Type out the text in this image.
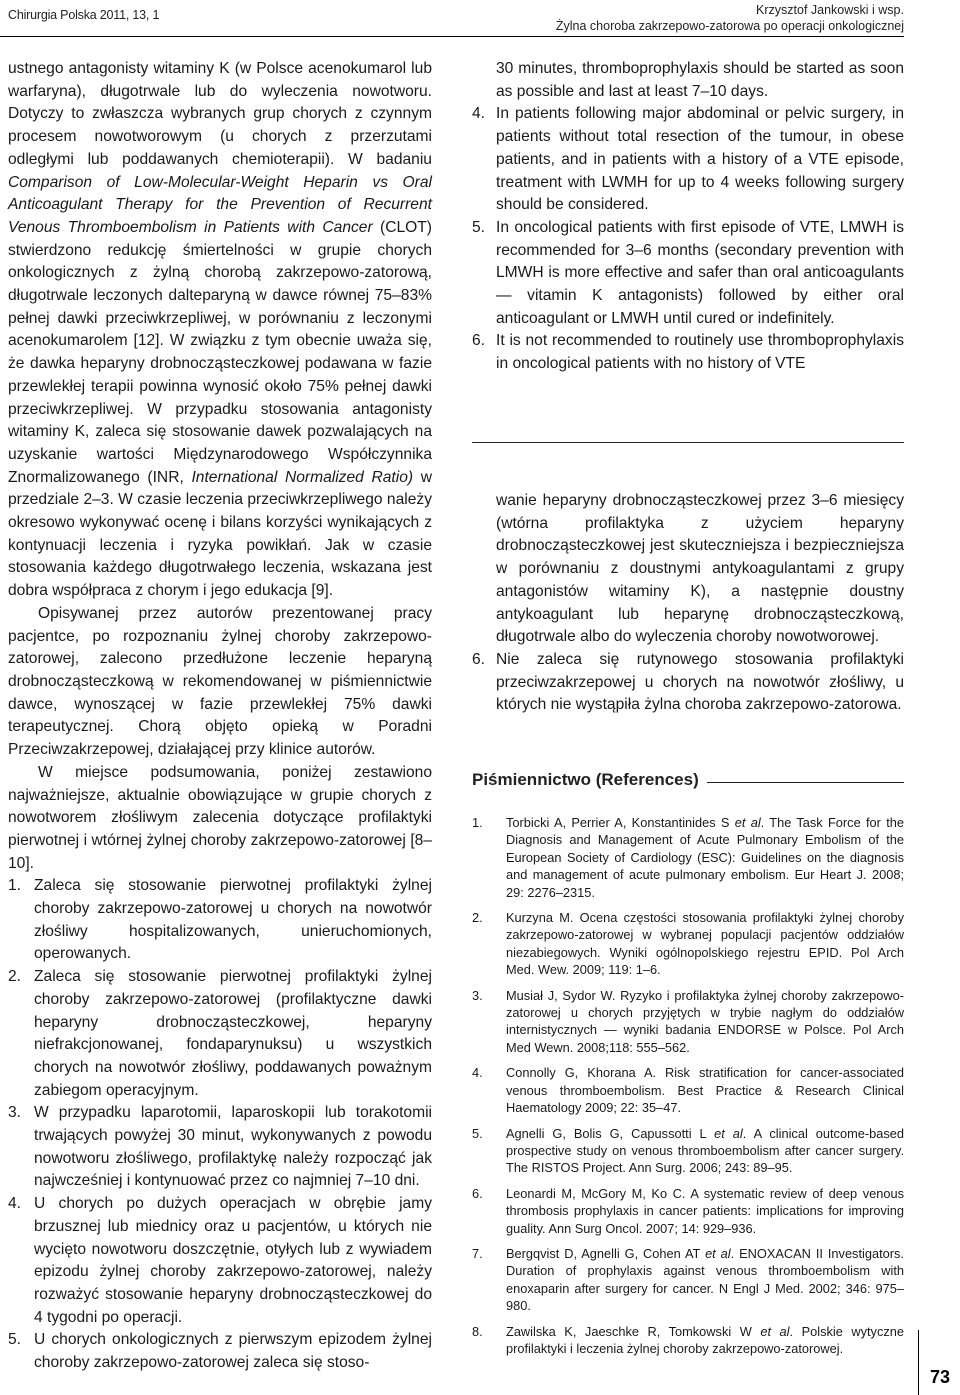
Chirurgia Polska 2011, 13, 1	Krzysztof Jankowski i wsp.
Żylna choroba zakrzepowo-zatorowa po operacji onkologicznej

ustnego antagonisty witaminy K (w Polsce acenokumarol lub warfaryna), długotrwale lub do wyleczenia nowotworu. Dotyczy to zwłaszcza wybranych grup chorych z czynnym procesem nowotworowym (u chorych z przerzutami odległymi lub poddawanych chemioterapii). W badaniu Comparison of Low-Molecular-Weight Heparin vs Oral Anticoagulant Therapy for the Prevention of Recurrent Venous Thromboembolism in Patients with Cancer (CLOT) stwierdzono redukcję śmiertelności w grupie chorych onkologicznych z żylną chorobą zakrzepowo-zatorową, długotrwale leczonych dalteparyną w dawce równej 75–83% pełnej dawki przeciwkrzepliwej, w porównaniu z leczonymi acenokumarolem [12]. W związku z tym obecnie uważa się, że dawka heparyny drobnocząsteczkowej podawana w fazie przewlekłej terapii powinna wynosić około 75% pełnej dawki przeciwkrzepliwej. W przypadku stosowania antagonisty witaminy K, zaleca się stosowanie dawek pozwalających na uzyskanie wartości Międzynarodowego Współczynnika Znormalizowanego (INR, International Normalized Ratio) w przedziale 2–3. W czasie leczenia przeciwkrzepliwego należy okresowo wykonywać ocenę i bilans korzyści wynikających z kontynuacji leczenia i ryzyka powikłań. Jak w czasie stosowania każdego długotrwałego leczenia, wskazana jest dobra współpraca z chorym i jego edukacja [9].

Opisywanej przez autorów prezentowanej pracy pacjentce, po rozpoznaniu żylnej choroby zakrzepowo-zatorowej, zalecono przedłużone leczenie heparyną drobnocząsteczkową w rekomendowanej w piśmiennictwie dawce, wynoszącej w fazie przewlekłej 75% dawki terapeutycznej. Chorą objęto opieką w Poradni Przeciwzakrzepowej, działającej przy klinice autorów.

W miejsce podsumowania, poniżej zestawiono najważniejsze, aktualnie obowiązujące w grupie chorych z nowotworem złośliwym zalecenia dotyczące profilaktyki pierwotnej i wtórnej żylnej choroby zakrzepowo-zatorowej [8–10].

1. Zaleca się stosowanie pierwotnej profilaktyki żylnej choroby zakrzepowo-zatorowej u chorych na nowotwór złośliwy hospitalizowanych, unieruchomionych, operowanych.
2. Zaleca się stosowanie pierwotnej profilaktyki żylnej choroby zakrzepowo-zatorowej (profilaktyczne dawki heparyny drobnocząsteczkowej, heparyny niefrakcjonowanej, fondaparynuksu) u wszystkich chorych na nowotwór złośliwy, poddawanych poważnym zabiegom operacyjnym.
3. W przypadku laparotomii, laparoskopii lub torakotomii trwających powyżej 30 minut, wykonywanych z powodu nowotworu złośliwego, profilaktykę należy rozpocząć jak najwcześniej i kontynuować przez co najmniej 7–10 dni.
4. U chorych po dużych operacjach w obrębie jamy brzusznej lub miednicy oraz u pacjentów, u których nie wycięto nowotworu doszczętnie, otyłych lub z wywiadem epizodu żylnej choroby zakrzepowo-zatorowej, należy rozważyć stosowanie heparyny drobnocząsteczkowej do 4 tygodni po operacji.
5. U chorych onkologicznych z pierwszym epizodem żylnej choroby zakrzepowo-zatorowej zaleca się stoso-

30 minutes, thromboprophylaxis should be started as soon as possible and last at least 7–10 days.

4. In patients following major abdominal or pelvic surgery, in patients without total resection of the tumour, in obese patients, and in patients with a history of a VTE episode, treatment with LWMH for up to 4 weeks following surgery should be considered.
5. In oncological patients with first episode of VTE, LMWH is recommended for 3–6 months (secondary prevention with LMWH is more effective and safer than oral anticoagulants — vitamin K antagonists) followed by either oral anticoagulant or LMWH until cured or indefinitely.
6. It is not recommended to routinely use thromboprophylaxis in oncological patients with no history of VTE

wanie heparyny drobnocząsteczkowej przez 3–6 miesięcy (wtórna profilaktyka z użyciem heparyny drobnocząsteczkowej jest skuteczniejsza i bezpieczniejsza w porównaniu z doustnymi antykoagulantami z grupy antagonistów witaminy K), a następnie doustny antykoagulant lub heparynę drobnocząsteczkową, długotrwale albo do wyleczenia choroby nowotworowej.

6. Nie zaleca się rutynowego stosowania profilaktyki przeciwzakrzepowej u chorych na nowotwór złośliwy, u których nie wystąpiła żylna choroba zakrzepowo-zatorowa.
Piśmiennictwo (References)
1. Torbicki A, Perrier A, Konstantinides S et al. The Task Force for the Diagnosis and Management of Acute Pulmonary Embolism of the European Society of Cardiology (ESC): Guidelines on the diagnosis and management of acute pulmonary embolism. Eur Heart J. 2008; 29: 2276–2315.
2. Kurzyna M. Ocena częstości stosowania profilaktyki żylnej choroby zakrzepowo-zatorowej w wybranej populacji pacjentów oddziałów niezabiegowych. Wyniki ogólnopolskiego rejestru EPID. Pol Arch Med. Wew. 2009; 119: 1–6.
3. Musiał J, Sydor W. Ryzyko i profilaktyka żylnej choroby zakrzepowo-zatorowej u chorych przyjętych w trybie nagłym do oddziałów internistycznych — wyniki badania ENDORSE w Polsce. Pol Arch Med Wewn. 2008;118: 555–562.
4. Connolly G, Khorana A. Risk stratification for cancer-associated venous thromboembolism. Best Practice & Research Clinical Haematology 2009; 22: 35–47.
5. Agnelli G, Bolis G, Capussotti L et al. A clinical outcome-based prospective study on venous thromboembolism after cancer surgery. The RISTOS Project. Ann Surg. 2006; 243: 89–95.
6. Leonardi M, McGory M, Ko C. A systematic review of deep venous thrombosis prophylaxis in cancer patients: implications for improving guality. Ann Surg Oncol. 2007; 14: 929–936.
7. Bergqvist D, Agnelli G, Cohen AT et al. ENOXACAN II Investigators. Duration of prophylaxis against venous thromboembolism with enoxaparin after surgery for cancer. N Engl J Med. 2002; 346: 975–980.
8. Zawilska K, Jaeschke R, Tomkowski W et al. Polskie wytyczne profilaktyki i leczenia żylnej choroby zakrzepowo-zatorowej.
73
